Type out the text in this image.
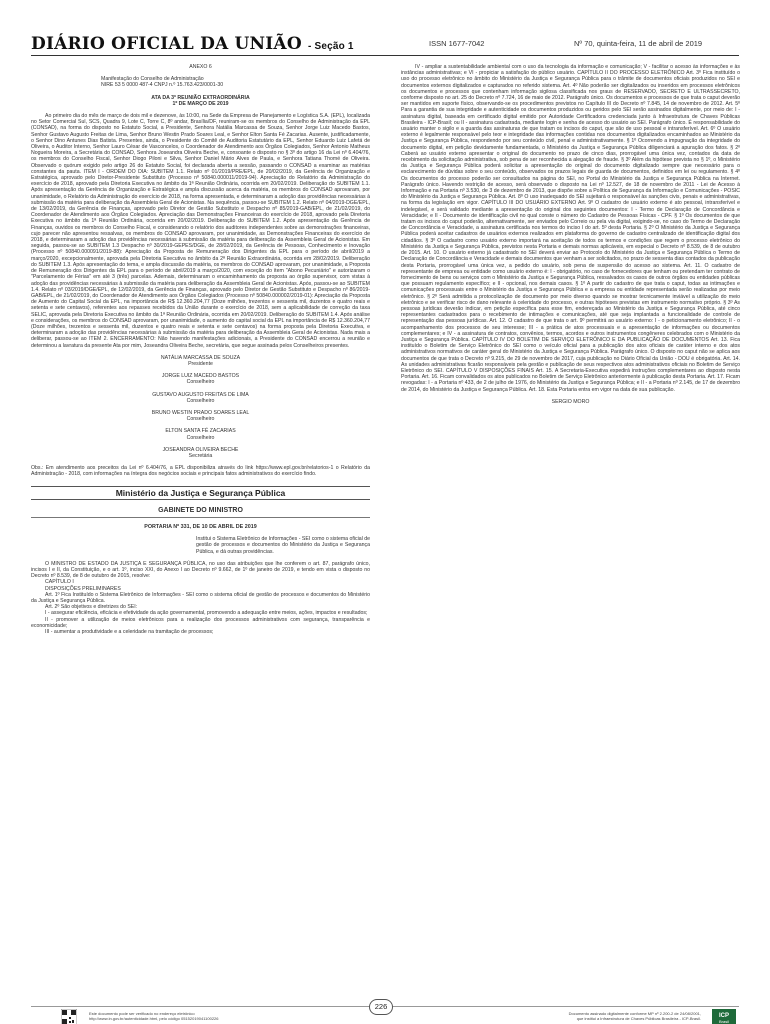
DIÁRIO OFICIAL DA UNIÃO - Seção 1	ISSN 1677-7042	Nº 70, quinta-feira, 11 de abril de 2019
ANEXO 6
Manifestação do Conselho de Administração
NIRE 53 5 0000 487-4 CNPJ n.º 15.763.423/0001-30
ATA DA 3ª REUNIÃO EXTRAORDINÁRIA
1º DE MARÇO DE 2019
Ao primeiro dia do mês de março de dois mil e dezenove, às 10:00, na Sede da Empresa de Planejamento e Logística S.A. (EPL), localizada no Setor Comercial Sul, SCS, Quadra 9, Lote C, Torre C, 8º andar, Brasília/DF, reuniram-se os membros do Conselho de Administração da EPL (CONSAD), na forma do disposto no Estatuto Social, a Presidente, Senhora Natália Marcassa de Souza, Senhor Jorge Luiz Macedo Bastos, Senhor Gustavo Augusto Freitas de Lima, Senhor Bruno Westin Prado Soares Leal, e Senhor Elton Santa Fé Zacarias. Ausente, justificadamente, o Senhor Dino Antunes Dias Batista. Presentes, ainda, o Presidente do Comitê de Auditoria Estatutário da EPL, Senhor Eduardo Luiz Lafetá de Oliveira, o Auditor Interno, Senhor Lauro César de Vasconcelos, o Coordenador de Atendimento aos Órgãos Colegiados, Senhor Antonio Matheus Nogueira Moreira, a Secretária do CONSAD, Senhora Joseandra Oliveira Beche, e, consoante o disposto no § 3º do artigo 16 da Lei nº 6.404/76, os membros do Conselho Fiscal, Senhor Diogo Piloni e Silva, Senhor Daniel Mário Alves de Paula, e Senhora Tatiana Thomé de Oliveira. Observado o quórum exigido pelo artigo 26 do Estatuto Social, foi declarada aberta a sessão, passando o CONSAD a examinar as matérias constantes da pauta. ITEM I - ORDEM DO DIA: SUBITEM 1.1. Relato nº 01/2019/PRE/EPL, de 20/02/2019, da Gerência de Organização e Estratégica, aprovado pelo Diretor-Presidente Substituto (Processo nº 50840.000011/2019-94). Apreciação do Relatório da Administração do exercício de 2018, aprovado pela Diretoria Executiva no âmbito da 1ª Reunião Ordinária, ocorrida em 20/02/2019. Deliberação do SUBITEM 1.1. Após apresentação da Gerência de Organização e Estratégica e ampla discussão acerca da matéria, os membros do CONSAD aprovaram, por unanimidade, o Relatório da Administração do exercício de 2018, na forma apresentada, e determinaram a adoção das providências necessárias à submissão da matéria para deliberação da Assembleia Geral de Acionistas. Na sequência, passou-se SUBITEM 1.2. Relato nº 04/2019-DGE/EPL, de 13/02/2019, da Gerência de Finanças, aprovado pelo Diretor de Gestão Substituto e Despacho nº 85/2019-GAB/EPL, de 21/02/2019, do Coordenador de Atendimento aos Órgãos Colegiados. Apreciação das Demonstrações Financeiras do exercício de 2018, aprovado pela Diretoria Executiva no âmbito da 1ª Reunião Ordinária, ocorrida em 20/02/2019. Deliberação do SUBITEM 1.2. Após apresentação da Gerência de Finanças, ouvidos os membros do Conselho Fiscal, e considerando o relatório dos auditores independentes sobre as demonstrações financeiras, cujo parecer não apresentou ressalvas, os membros do CONSAD aprovaram, por unanimidade, as Demonstrações Financeiras do exercício de 2018, e determinaram a adoção das providências necessárias à submissão da matéria para deliberação da Assembleia Geral de Acionistas. Em seguida, passou-se ao SUBITEM 1.3 Despacho nº 30/2019-GEPES/DGE, de 28/02/2019, da Gerência de Pessoas, Conhecimento e Inovação (Processo nº 50840.000091/2019-88): Apreciação da Proposta de Remuneração dos Dirigentes da EPL para o período de abril/2019 a março/2020, excepcionalmente, aprovada pela Diretoria Executiva no âmbito da 2ª Reunião Extraordinária, ocorrida em 28/02/2019. Deliberação do SUBITEM 1.3. Após apresentação do tema, e ampla discussão da matéria, os membros do CONSAD aprovaram, por unanimidade, a Proposta de Remuneração dos Dirigentes da EPL para o período de abril/2019 a março/2020, com exceção do item "Abono Pecuniário" e autorizaram o "Parcelamento de Férias" em até 3 (três) parcelas. Ademais, determinaram o encaminhamento da proposta ao órgão supervisor, com vistas à adoção das providências necessárias à submissão da matéria para deliberação da Assembleia Geral de Acionistas. Após, passou-se ao SUBITEM 1.4. Relato nº 03/2019/DGE/EPL, de 12/02/2019, da Gerência de Finanças, aprovado pelo Diretor de Gestão Substituto e Despacho nº 86/2019-GAB/EPL, de 21/02/2019, do Coordenador de Atendimento aos Órgãos Colegiados (Processo nº 50840.000002/2019-01): Apreciação da Proposta de Aumento do Capital Social da EPL, na importância de R$ 12.360.204,77 (Doze milhões, trezentos e sessenta mil, duzentos e quatro reais e setenta e sete centavos), referentes aos repasses recebidos da União durante o exercício de 2018, sem a aplicabilidade de correção da taxa SELIC, aprovada pela Diretoria Executiva no âmbito da 1ª Reunião Ordinária, ocorrida em 20/02/2019. Deliberação do SUBITEM 1.4. Após análise e considerações, os membros do CONSAD aprovaram, por unanimidade, o aumento do capital social da EPL na importância de R$ 12.360.204,77 (Doze milhões, trezentos e sessenta mil, duzentos e quatro reais e setenta e sete centavos) na forma proposta pela Diretoria Executiva, e determinaram a adoção das providências necessárias à submissão da matéria para deliberação da Assembleia Geral de Acionistas. Nada mais a deliberar, passou-se ao ITEM 2. ENCERRAMENTO: Não havendo manifestações adicionais, a Presidente do CONSAD encerrou a reunião e determinou a lavratura da presente Ata por mim, Joseandra Oliveira Beche, secretária, que segue assinada pelos Conselheiros presentes.
NATÁLIA MARCASSA DE SOUZA
Presidente
JORGE LUIZ MACEDO BASTOS
Conselheiro
GUSTAVO AUGUSTO FREITAS DE LIMA
Conselheiro
BRUNO WESTIN PRADO SOARES LEAL
Conselheiro
ELTON SANTA FÉ ZACARIAS
Conselheiro
JOSEANDRA OLIVEIRA BECHE
Secretária
Obs.: Em atendimento aos preceitos da Lei nº 6.404/76, a EPL disponibiliza através do link https://www.epl.gov.br/relatorios-1 o Relatório da Administração - 2018, com informações na íntegra dos negócios sociais e principais fatos administrativos do exercício findo.
Ministério da Justiça e Segurança Pública
GABINETE DO MINISTRO
PORTARIA Nº 331, DE 10 DE ABRIL DE 2019
Institui o Sistema Eletrônico de Informações - SEI como o sistema oficial de gestão de processos e documentos do Ministério da Justiça e Segurança Pública, e dá outras providências.
O MINISTRO DE ESTADO DA JUSTIÇA E SEGURANÇA PÚBLICA, no uso das atribuições que lhe conferem o art. 87, parágrafo único, incisos I e II, da Constituição, e o art. 1º, inciso XXI, do Anexo I ao Decreto nº 9.662, de 1º de janeiro de 2019, e tendo em vista o disposto no Decreto nº 8.539, de 8 de outubro de 2015, resolve:
CAPÍTULO I
DISPOSIÇÕES PRELIMINARES
Art. 1º Fica Instituído o Sistema Eletrônico de Informações - SEI como o sistema oficial de gestão de processos e documentos do Ministério da Justiça e Segurança Pública.
Art. 2º São objetivos e diretrizes do SEI:
I - assegurar eficiência, eficácia e efetividade da ação governamental, promovendo a adequação entre meios, ações, impactos e resultados;
II - promover a utilização de meios eletrônicos para a realização dos processos administrativos com segurança, transparência e economicidade;
III - aumentar a produtividade e a celeridade na tramitação de processos;
IV - ampliar a sustentabilidade ambiental com o uso da tecnologia da informação e comunicação; V - facilitar o acesso às informações e às instâncias administrativas; e VI - propiciar a satisfação do público usuário. CAPÍTULO II DO PROCESSO ELETRÔNICO Art. 3º Fica instituído o uso do processo eletrônico no âmbito do Ministério da Justiça e Segurança Pública para o trâmite de documentos oficiais produzidos no SEI e documentos externos digitalizados e capturados no referido sistema. Art. 4º Não poderão ser digitalizados ou inseridos em processos eletrônicos os documentos e processos que contenham informação sigilosa classificada nos graus de RESERVADO, SECRETO E ULTRASSECRETO, conforme disposto no art. 25 do Decreto nº 7.724, 16 de maio de 2012. Parágrafo único. Os documentos e processos de que trata o caput deverão ser mantidos em suporte físico, observando-se os procedimentos previstos no Capítulo III do Decreto nº 7.845, 14 de novembro de 2012. Art. 5º Para a garantia de sua integridade e autenticidade os documentos produzidos ou geridos pelo SEI serão assinados digitalmente, por meio de: I - assinatura digital, baseada em certificado digital emitido por Autoridade Certificadora credenciada junto à Infraestrutura de Chaves Públicas Brasileira - ICP-Brasil; ou II - assinatura cadastrada, mediante login e senha de acesso do usuário ao SEI. Parágrafo único. É responsabilidade do usuário manter o sigilo e a guarda das assinaturas de que tratam os incisos do caput, que são de uso pessoal e intransferível. Art. 6º O usuário externo é legalmente responsável pelo teor e integridade das informações contidas nos documentos digitalizados encaminhados ao Ministério da Justiça e Segurança Pública, respondendo por seu conteúdo civil, penal e administrativamente. § 1º Ocorrendo a impugnação da integridade do documento digital, em petição devidamente fundamentada, o Ministério da Justiça e Segurança Pública diligenciará a apuração dos fatos. § 2º Caberá ao usuário externo apresentar o original do documento no prazo de cinco dias, prorrogável uma única vez, contados da data de recebimento da solicitação administrativa, sob pena de ser reconhecida a alegação de fraude. § 3º Além da hipótese prevista no § 1º, o Ministério da Justiça e Segurança Pública poderá solicitar a apresentação do original do documento digitalizado sempre que necessário para o esclarecimento de dúvidas sobre o seu conteúdo, observados os prazos legais de guarda de documentos, definidos em lei ou regulamento. § 4º Os documentos do processo poderão ser consultados na página do SEI, no Portal do Ministério da Justiça e Segurança Pública na Internet. Parágrafo único. Havendo restrição de acesso, será observado o disposto na Lei nº 12.527, de 18 de novembro de 2011 - Lei de Acesso à Informação e na Portaria nº 3.530, de 3 de dezembro de 2013, que dispõe sobre a Política de Segurança da Informação e Comunicações - POSIC do Ministério da Justiça e Segurança Pública. Art. 8º O uso inadequado do SEI sujeitará o responsável às sanções civis, penais e administrativas, na forma da legislação em vigor. CAPÍTULO III DO USUÁRIO EXTERNO Art. 9º O cadastro de usuário externo é ato pessoal, intransferível e indelegável, e será validado mediante a apresentação do original dos seguintes documentos: I - Termo de Declaração de Concordância e Veracidade; e II - Documento de identificação civil no qual conste o número do Cadastro de Pessoas Físicas - CPF. § 1º Os documentos de que tratam os incisos do caput poderão, alternativamente, ser enviados pelo Correio ou pela via digital, exigindo-se, no caso do Termo de Declaração de Concordância e Veracidade, a assinatura certificada nos termos do inciso I do art. 5º desta Portaria. § 2º O Ministério da Justiça e Segurança Pública poderá aceitar cadastros de usuários externos realizados em plataforma do governo de cadastro centralizado de identificação digital dos cidadãos. § 3º O cadastro como usuário externo importará na aceitação de todos os termos e condições que regem o processo eletrônico do Ministério da Justiça e Segurança Pública, previstos nesta Portaria e demais normas aplicáveis, em especial o Decreto nº 8.539, de 8 de outubro de 2015. Art. 10. O usuário externo já cadastrado no SEI deverá enviar ao Protocolo do Ministério da Justiça e Segurança Pública o Termo de Declaração de Concordância e Veracidade e demais documentos que venham a ser solicitados, no prazo de sessenta dias contados da publicação desta Portaria, prorrogável uma única vez, a pedido do usuário, sob pena de suspensão do acesso ao sistema. Art. 11. O cadastro de representante de empresa ou entidade como usuário externo é: I - obrigatório, no caso de fornecedores que tenham ou pretendam ter contrato de fornecimento de bens ou serviços com o Ministério da Justiça e Segurança Pública, ressalvados os casos de outros órgãos ou entidades públicas que possuam regulamento específico; e II - opcional, nos demais casos. § 1º A partir do cadastro de que trata o caput, todas as intimações e comunicações processuais entre o Ministério da Justiça e Segurança Pública e a empresa ou entidade representada serão realizadas por meio eletrônico. § 2º Será admitida a protocolização de documento por meio diverso quando se mostrar tecnicamente inviável a utilização do meio eletrônico e se verificar risco de dano relevante à celeridade do processo, e outras hipóteses previstas em instrumento normativo próprio. § 3º As pessoas jurídicas deverão indicar, em petição específica para esse fim, endereçada ao Ministério da Justiça e Segurança Pública, até cinco representantes cadastrados para o recebimento de intimações e comunicações, até que seja implantada a funcionalidade de controle de representação das pessoas jurídicas. Art. 12. O cadastro de que trata o art. 9º permitirá ao usuário externo: I - o peticionamento eletrônico; II - o acompanhamento dos processos de seu interesse; III - a prática de atos processuais e a apresentação de informações ou documentos complementares; e IV - a assinatura de contratos, convênios, termos, acordos e outros instrumentos congêneres celebrados com o Ministério da Justiça e Segurança Pública. CAPÍTULO IV DO BOLETIM DE SERVIÇO ELETRÔNICO E DA PUBLICAÇÃO DE DOCUMENTOS Art. 13. Fica instituído o Boletim de Serviço Eletrônico do SEI como o veículo oficial para a publicação dos atos oficiais de caráter interno e dos atos administrativos normativos de caráter geral do Ministério da Justiça e Segurança Pública. Parágrafo único. O disposto no caput não se aplica aos documentos de que trata o Decreto nº 9.215, de 29 de novembro de 2017, cuja publicação no Diário Oficial da União - DOU é obrigatória. Art. 14. As unidades administrativas ficarão responsáveis pela gestão e publicação de seus respectivos atos administrativos oficiais no Boletim de Serviço Eletrônico do SEI. CAPÍTULO V DISPOSIÇÕES FINAIS Art. 15. A Secretaria-Executiva expedirá instruções complementares ao disposto nesta Portaria. Art. 16. Ficam convalidados os atos publicados no Boletim de Serviço Eletrônico anteriormente à publicação desta Portaria. Art. 17. Ficam revogadas: I - a Portaria nº 433, de 2 de julho de 1976, do Ministério da Justiça e Segurança Pública; e II - a Portaria nº 2.145, de 17 de dezembro de 2014, do Ministério da Justiça e Segurança Pública. Art. 18. Esta Portaria entra em vigor na data de sua publicação.
SERGIO MORO
Este documento pode ser verificado no endereço eletrônico
http://www.in.gov.br/autenticidade.html, pelo código 05152019041100226
226
Documento assinado digitalmente conforme MP nº 2.200-2 de 24/08/2001,
que institui a Infraestrutura de Chaves Públicas Brasileira - ICP-Brasil.	ICP
Brasil
